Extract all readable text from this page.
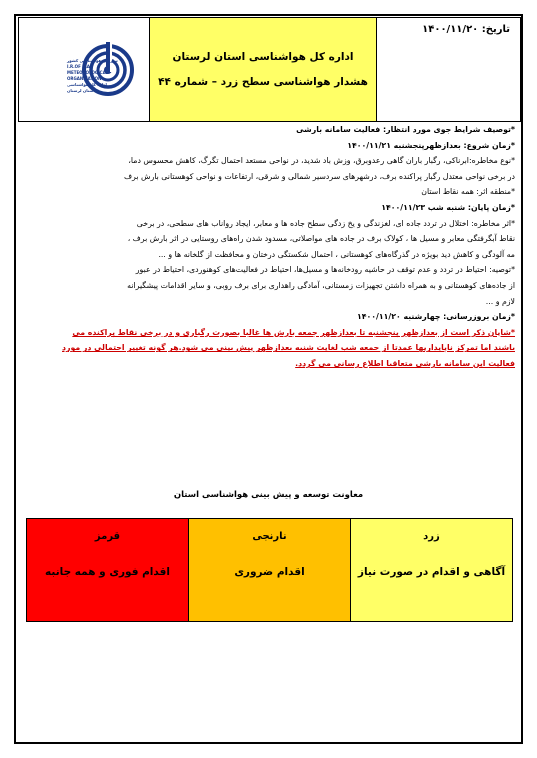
سازمان هواشناسی کشور
I.R.OF IRAN
METEOROLOGICAL
ORGANIZATION
اداره کل هواشناسی
استان لرستان
اداره کل هواشناسی استان لرستان
هشدار هواشناسی سطح زرد – شماره ۴۴
تاریخ: ۱۴۰۰/۱۱/۲۰

*توصیف شرایط جوی مورد انتظار: فعالیت سامانه بارشی

*زمان شروع: بعدازظهرپنجشنبه ۱۴۰۰/۱۱/۲۱

*نوع مخاطره:ابرناکی، رگبار باران گاهی رعدوبرق، وزش باد شدید، در نواحی مستعد احتمال تگرگ، کاهش محسوس دما،

در برخی نواحی معتدل رگبار پراکنده برف، درشهرهای سردسیر شمالی و شرقی، ارتفاعات و نواحی کوهستانی بارش برف

*منطقه اثر: همه نقاط استان

*زمان پایان: شنبه شب ۱۴۰۰/۱۱/۲۳

*اثر مخاطره: اختلال در تردد جاده ای، لغزندگی و یخ زدگی سطح جاده ها و معابر، ایجاد رواناب های سطحی، در برخی

نقاط آبگرفتگی معابر و مسیل ها ، کولاک برف در جاده های مواصلاتی، مسدود شدن راه‌های روستایی در اثر بارش برف ،

مه آلودگی و کاهش دید بویژه در گذرگاه‌های کوهستانی ، احتمال شکستگی درختان و محافظت از گلخانه ها و ...

*توصیه: احتیاط در تردد و عدم توقف در حاشیه رودخانه‌ها و مسیل‌ها، احتیاط در فعالیت‌های کوهنوردی، احتیاط در عبور

از جاده‌های کوهستانی و به همراه داشتن تجهیزات زمستانی، آمادگی راهداری برای برف روبی، و سایر اقدامات پیشگیرانه

لازم و ...

*زمان بروزرسانی: چهارشنبه ۱۴۰۰/۱۱/۲۰

*شایان ذکر است از بعدازظهر پنجشنبه تا بعدازظهر جمعه بارش ها غالبا بصورت رگباری و در برخی نقاط پراکنده می

باشند اما تمرکز ناپایداریها عمدتا از جمعه شب لغایت شنبه بعدازظهر پیش بینی می شود.هر گونه تغییر احتمالی در مورد

فعالیت این سامانه بارشی متعاقبا اطلاع رسانی می گردد.

معاونت توسعه و پیش بینی هواشناسی استان
قرمز
اقدام فوری و همه جانبه
نارنجی
اقدام ضروری
زرد
آگاهی و اقدام در صورت نیاز
